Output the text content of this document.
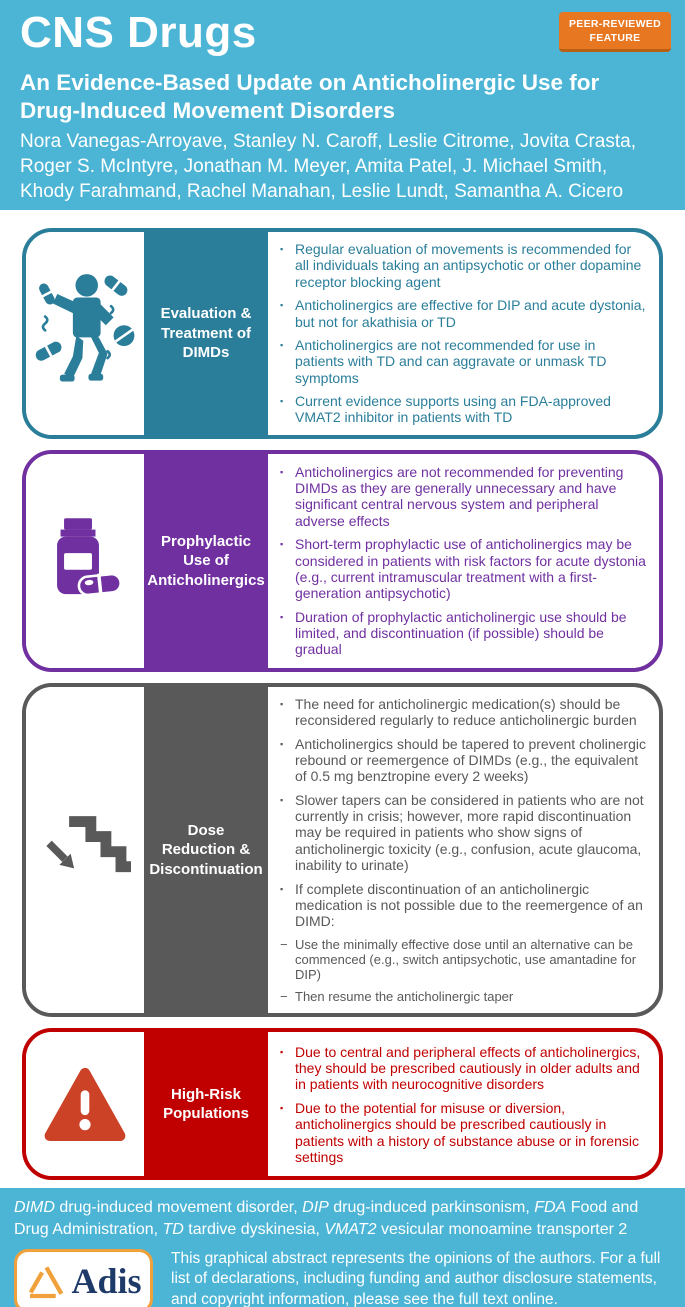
CNS Drugs	PEER-REVIEWED
FEATURE
An Evidence-Based Update on Anticholinergic Use for Drug-Induced Movement Disorders

Nora Vanegas-Arroyave, Stanley N. Caroff, Leslie Citrome, Jovita Crasta, Roger S. McIntyre, Jonathan M. Meyer, Amita Patel, J. Michael Smith, Khody Farahmand, Rachel Manahan, Leslie Lundt, Samantha A. Cicero

Evaluation & Treatment of DIMDs
▪ Regular evaluation of movements is recommended for all individuals taking an antipsychotic or other dopamine receptor blocking agent
▪ Anticholinergics are effective for DIP and acute dystonia, but not for akathisia or TD
▪ Anticholinergics are not recommended for use in patients with TD and can aggravate or unmask TD symptoms
▪ Current evidence supports using an FDA-approved VMAT2 inhibitor in patients with TD
Prophylactic Use of Anticholinergics
▪ Anticholinergics are not recommended for preventing DIMDs as they are generally unnecessary and have significant central nervous system and peripheral adverse effects
▪ Short-term prophylactic use of anticholinergics may be considered in patients with risk factors for acute dystonia (e.g., current intramuscular treatment with a first-generation antipsychotic)
▪ Duration of prophylactic anticholinergic use should be limited, and discontinuation (if possible) should be gradual
Dose Reduction & Discontinuation
▪ The need for anticholinergic medication(s) should be reconsidered regularly to reduce anticholinergic burden
▪ Anticholinergics should be tapered to prevent cholinergic rebound or reemergence of DIMDs (e.g., the equivalent of 0.5 mg benztropine every 2 weeks)
▪ Slower tapers can be considered in patients who are not currently in crisis; however, more rapid discontinuation may be required in patients who show signs of anticholinergic toxicity (e.g., confusion, acute glaucoma, inability to urinate)
▪ If complete discontinuation of an anticholinergic medication is not possible due to the reemergence of an DIMD:
− Use the minimally effective dose until an alternative can be commenced (e.g., switch antipsychotic, use amantadine for DIP)
− Then resume the anticholinergic taper
High-Risk Populations
▪ Due to central and peripheral effects of anticholinergics, they should be prescribed cautiously in older adults and in patients with neurocognitive disorders
▪ Due to the potential for misuse or diversion, anticholinergics should be prescribed cautiously in patients with a history of substance abuse or in forensic settings

DIMD drug-induced movement disorder, DIP drug-induced parkinsonism, FDA Food and Drug Administration, TD tardive dyskinesia, VMAT2 vesicular monoamine transporter 2

Adis

This graphical abstract represents the opinions of the authors. For a full list of declarations, including funding and author disclosure statements, and copyright information, please see the full text online.
